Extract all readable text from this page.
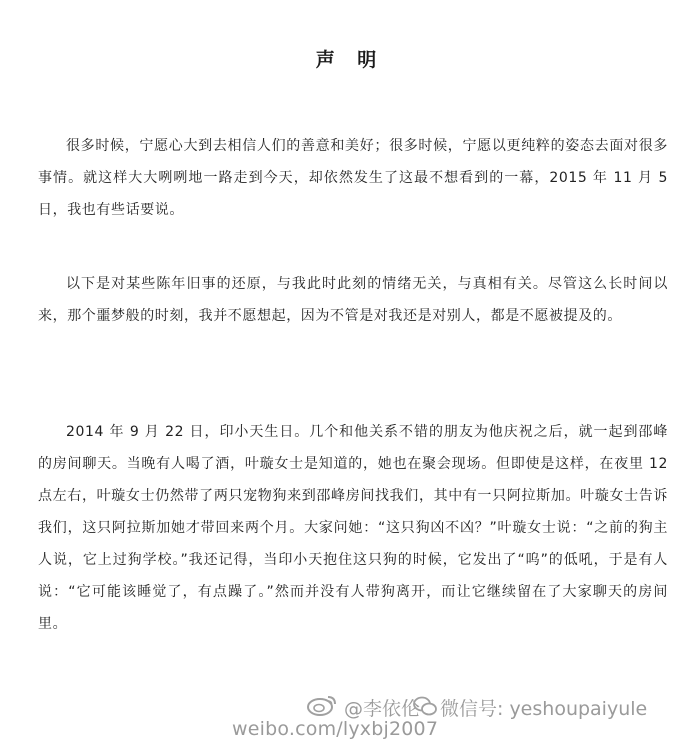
声 明
很多时候，宁愿心大到去相信人们的善意和美好；很多时候，宁愿以更纯粹的姿态去面对很多事情。就这样大大咧咧地一路走到今天，却依然发生了这最不想看到的一幕，2015 年 11 月 5 日，我也有些话要说。
以下是对某些陈年旧事的还原，与我此时此刻的情绪无关，与真相有关。尽管这么长时间以来，那个噩梦般的时刻，我并不愿想起，因为不管是对我还是对别人，都是不愿被提及的。
2014 年 9 月 22 日，印小天生日。几个和他关系不错的朋友为他庆祝之后，就一起到邵峰的房间聊天。当晚有人喝了酒，叶璇女士是知道的，她也在聚会现场。但即使是这样，在夜里 12 点左右，叶璇女士仍然带了两只宠物狗来到邵峰房间找我们，其中有一只阿拉斯加。叶璇女士告诉我们，这只阿拉斯加她才带回来两个月。大家问她：“这只狗凶不凶？”叶璇女士说：“之前的狗主人说，它上过狗学校。”我还记得，当印小天抱住这只狗的时候，它发出了“呜”的低吼，于是有人说：“它可能该睡觉了，有点躁了。”然而并没有人带狗离开，而让它继续留在了大家聊天的房间里。
@李依伦 微信号: yeshoupaiyule
weibo.com/lyxbj2007
